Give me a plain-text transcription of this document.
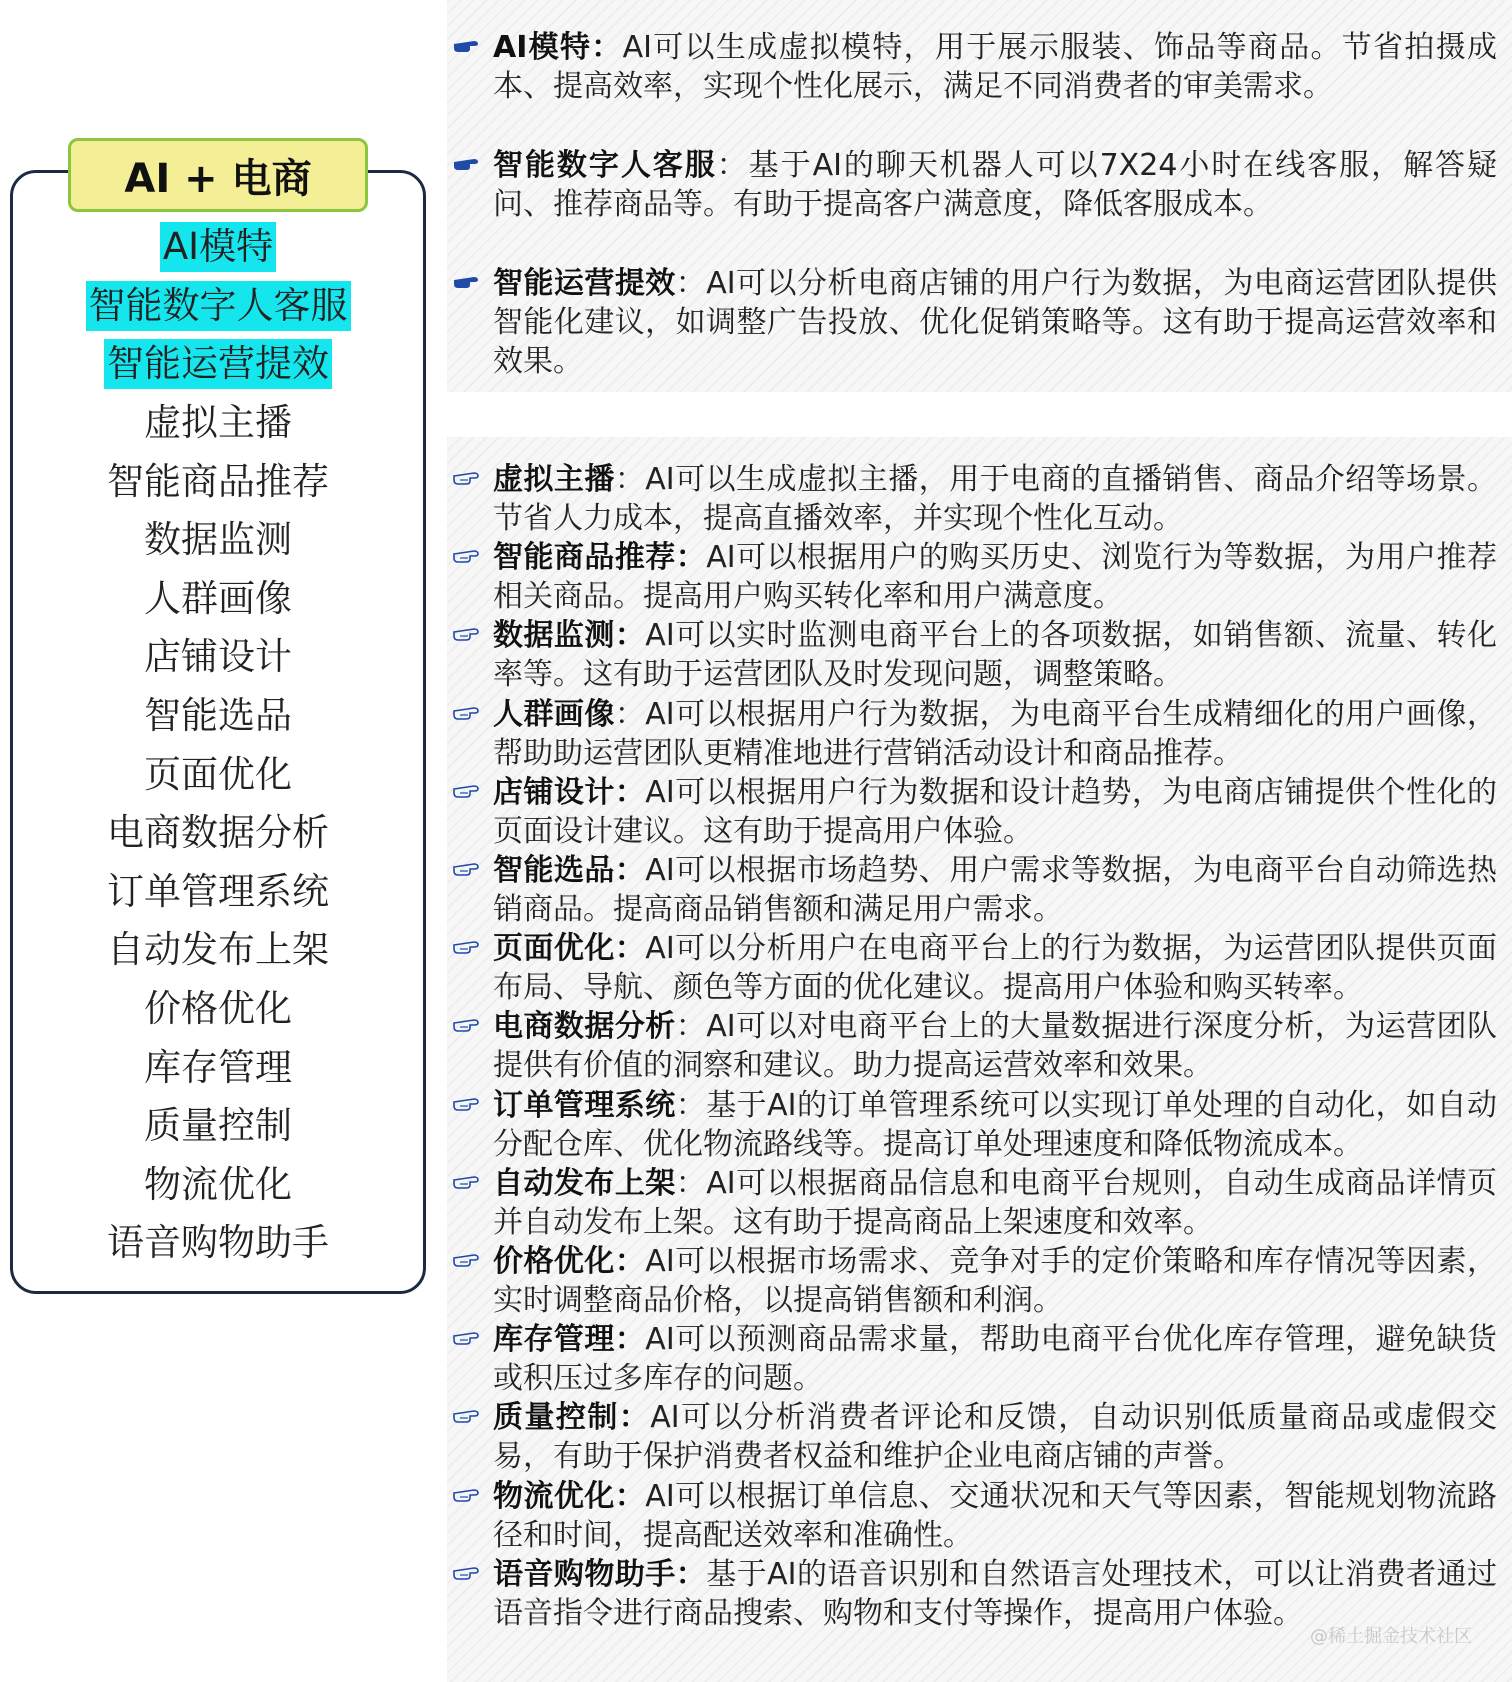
AI + 电商
AI模特
智能数字人客服
智能运营提效
虚拟主播
智能商品推荐
数据监测
人群画像
店铺设计
智能选品
页面优化
电商数据分析
订单管理系统
自动发布上架
价格优化
库存管理
质量控制
物流优化
语音购物助手

AI模特：AI可以生成虚拟模特，用于展示服装、饰品等商品。节省拍摄成本、提高效率，实现个性化展示，满足不同消费者的审美需求。

智能数字人客服：基于AI的聊天机器人可以7X24小时在线客服，解答疑问、推荐商品等。有助于提高客户满意度，降低客服成本。

智能运营提效：AI可以分析电商店铺的用户行为数据，为电商运营团队提供智能化建议，如调整广告投放、优化促销策略等。这有助于提高运营效率和效果。

虚拟主播：AI可以生成虚拟主播，用于电商的直播销售、商品介绍等场景。节省人力成本，提高直播效率，并实现个性化互动。

智能商品推荐：AI可以根据用户的购买历史、浏览行为等数据，为用户推荐相关商品。提高用户购买转化率和用户满意度。

数据监测：AI可以实时监测电商平台上的各项数据，如销售额、流量、转化率等。这有助于运营团队及时发现问题，调整策略。

人群画像：AI可以根据用户行为数据，为电商平台生成精细化的用户画像，帮助助运营团队更精准地进行营销活动设计和商品推荐。

店铺设计：AI可以根据用户行为数据和设计趋势，为电商店铺提供个性化的页面设计建议。这有助于提高用户体验。

智能选品：AI可以根据市场趋势、用户需求等数据，为电商平台自动筛选热销商品。提高商品销售额和满足用户需求。

页面优化：AI可以分析用户在电商平台上的行为数据，为运营团队提供页面布局、导航、颜色等方面的优化建议。提高用户体验和购买转率。

电商数据分析：AI可以对电商平台上的大量数据进行深度分析，为运营团队提供有价值的洞察和建议。助力提高运营效率和效果。

订单管理系统：基于AI的订单管理系统可以实现订单处理的自动化，如自动分配仓库、优化物流路线等。提高订单处理速度和降低物流成本。

自动发布上架：AI可以根据商品信息和电商平台规则，自动生成商品详情页并自动发布上架。这有助于提高商品上架速度和效率。

价格优化：AI可以根据市场需求、竞争对手的定价策略和库存情况等因素，实时调整商品价格，以提高销售额和利润。

库存管理：AI可以预测商品需求量，帮助电商平台优化库存管理，避免缺货或积压过多库存的问题。

质量控制：AI可以分析消费者评论和反馈，自动识别低质量商品或虚假交易，有助于保护消费者权益和维护企业电商店铺的声誉。

物流优化：AI可以根据订单信息、交通状况和天气等因素，智能规划物流路径和时间，提高配送效率和准确性。

语音购物助手：基于AI的语音识别和自然语言处理技术，可以让消费者通过语音指令进行商品搜索、购物和支付等操作，提高用户体验。

@稀土掘金技术社区
